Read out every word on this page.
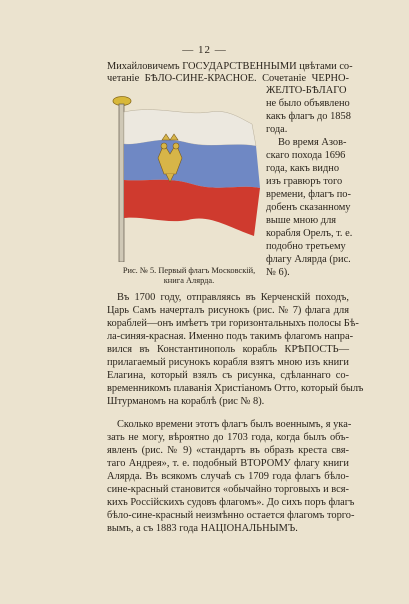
— 12 —
Михайловичемъ ГОСУДАРСТВЕННЫМИ цвѣтами со-
четаніе БѢЛО-СИНЕ-КРАСНОЕ. Сочетаніе ЧЕРНО-
Рис. № 5. Первый флагъ Московскій,
книга Алярда.
ЖЕЛТО-БѢЛАГО
не было объявлено
какъ флагъ до 1858
года.
Во время Азов-
скаго похода 1696
года, какъ видно
изъ гравюръ того
времени, флагъ по-
добенъ сказанному
выше мною для
корабля Орелъ, т. е.
подобно третьему
флагу Алярда (рис.
№ 6).
Въ 1700 году, отправляясь въ Керченскій походъ,
Царь Самъ начерталъ рисунокъ (рис. № 7) флага для
кораблей—онъ имѣетъ три горизонтальныхъ полосы Бѣ-
ла-синяя-красная. Именно подъ такимъ флагомъ напра-
вился въ Константинополь корабль КРѢПОСТЬ—
прилагаемый рисунокъ корабля взятъ мною изъ книги
Елагина, который взялъ съ рисунка, сдѣланнаго со-
временникомъ плаванія Христіаномъ Отто, который былъ
Штурманомъ на кораблѣ (рис № 8).
Сколько времени этотъ флагъ былъ военнымъ, я ука-
зать не могу, вѣроятно до 1703 года, когда былъ объ-
явленъ (рис. № 9) «стандартъ въ образъ креста свя-
таго Андрея», т. е. подобный ВТОРОМУ флагу книги
Алярда. Въ всякомъ случаѣ съ 1709 года флагъ бѣло-
сине-красный становится «обычайно торговыхъ и вся-
кихъ Россійскихъ судовъ флагомъ». До сихъ поръ флагъ
бѣло-сине-красный неизмѣнно остается флагомъ торго-
вымъ, а съ 1883 года НАЦІОНАЛЬНЫМЪ.
